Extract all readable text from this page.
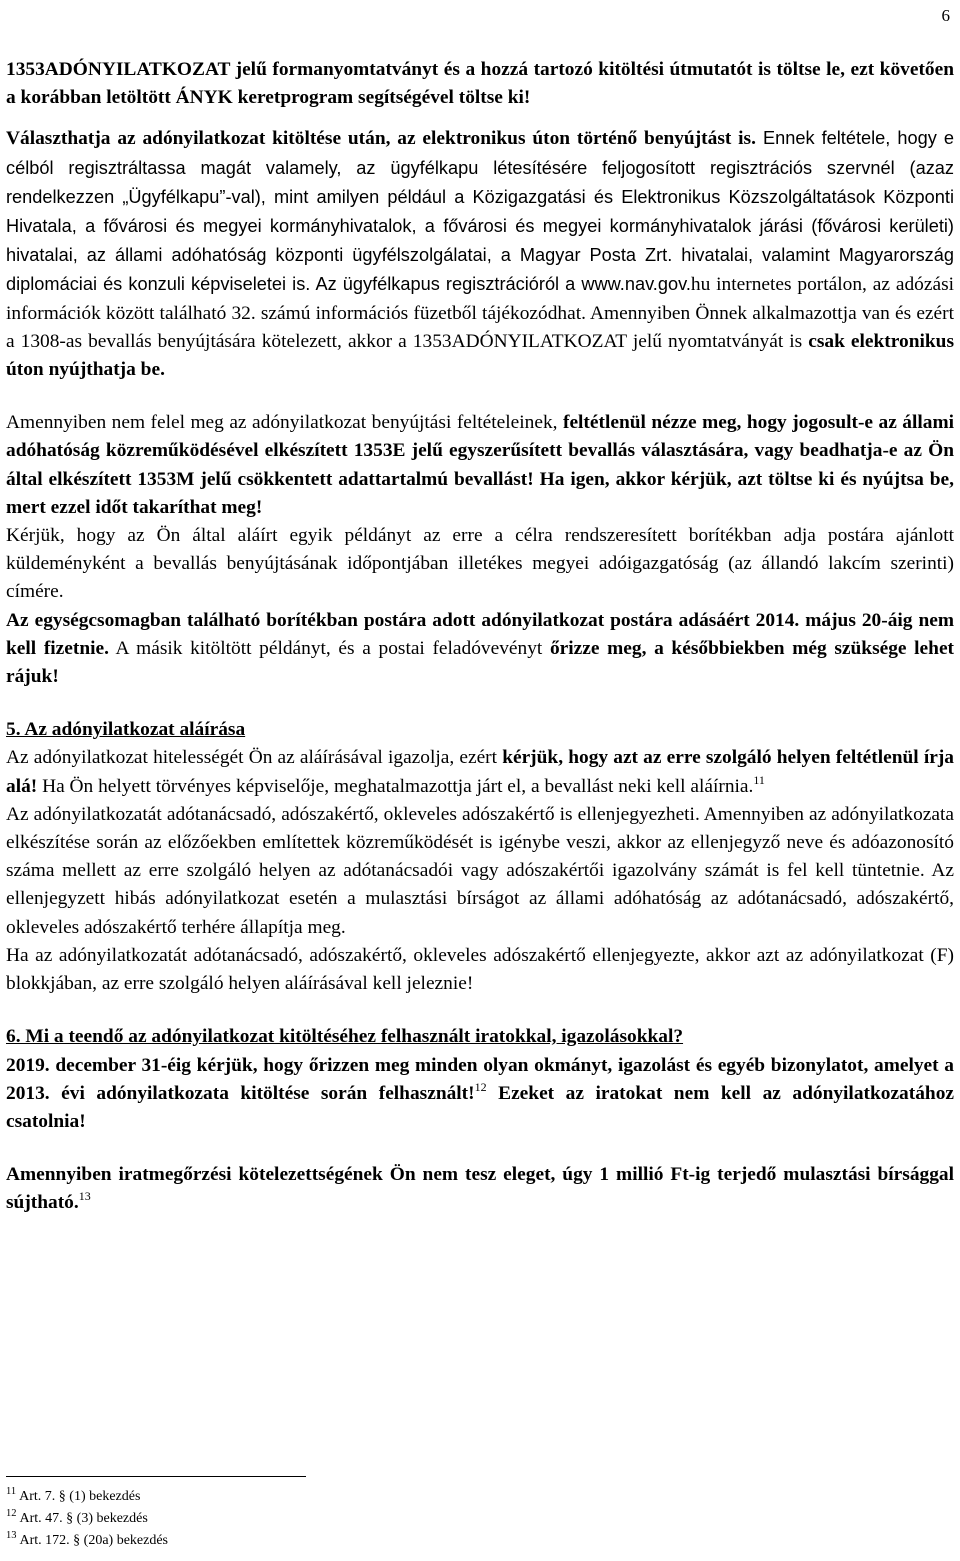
6

1353ADÓNYILATKOZAT jelű formanyomtatványt és a hozzá tartozó kitöltési útmutatót is töltse le, ezt követően a korábban letöltött ÁNYK keretprogram segítségével töltse ki!

Választhatja az adónyilatkozat kitöltése után, az elektronikus úton történő benyújtást is. Ennek feltétele, hogy e célból regisztráltassa magát valamely, az ügyfélkapu létesítésére feljogosított regisztrációs szervnél (azaz rendelkezzen „Ügyfélkapu”-val), mint amilyen például a Közigazgatási és Elektronikus Közszolgáltatások Központi Hivatala, a fővárosi és megyei kormányhivatalok, a fővárosi és megyei kormányhivatalok járási (fővárosi kerületi) hivatalai, az állami adóhatóság központi ügyfélszolgálatai, a Magyar Posta Zrt. hivatalai, valamint Magyarország diplomáciai és konzuli képviseletei is. Az ügyfélkapus regisztrációról a www.nav.gov.hu internetes portálon, az adózási információk között található 32. számú információs füzetből tájékozódhat. Amennyiben Önnek alkalmazottja van és ezért a 1308-as bevallás benyújtására kötelezett, akkor a 1353ADÓNYILATKOZAT jelű nyomtatványát is csak elektronikus úton nyújthatja be.

Amennyiben nem felel meg az adónyilatkozat benyújtási feltételeinek, feltétlenül nézze meg, hogy jogosult-e az állami adóhatóság közreműködésével elkészített 1353E jelű egyszerűsített bevallás választására, vagy beadhatja-e az Ön által elkészített 1353M jelű csökkentett adattartalmú bevallást! Ha igen, akkor kérjük, azt töltse ki és nyújtsa be, mert ezzel időt takaríthat meg!

Kérjük, hogy az Ön által aláírt egyik példányt az erre a célra rendszeresített borítékban adja postára ajánlott küldeményként a bevallás benyújtásának időpontjában illetékes megyei adóigazgatóság (az állandó lakcím szerinti) címére.

Az egységcsomagban található borítékban postára adott adónyilatkozat postára adásáért 2014. május 20-áig nem kell fizetnie. A másik kitöltött példányt, és a postai feladóvevényt őrizze meg, a későbbiekben még szüksége lehet rájuk!

5. Az adónyilatkozat aláírása

Az adónyilatkozat hitelességét Ön az aláírásával igazolja, ezért kérjük, hogy azt az erre szolgáló helyen feltétlenül írja alá! Ha Ön helyett törvényes képviselője, meghatalmazottja járt el, a bevallást neki kell aláírnia.$^{11}$

Az adónyilatkozatát adótanácsadó, adószakértő, okleveles adószakértő is ellenjegyezheti. Amennyiben az adónyilatkozata elkészítése során az előzőekben említettek közreműködését is igénybe veszi, akkor az ellenjegyző neve és adóazonosító száma mellett az erre szolgáló helyen az adótanácsadói vagy adószakértői igazolvány számát is fel kell tüntetnie. Az ellenjegyzett hibás adónyilatkozat esetén a mulasztási bírságot az állami adóhatóság az adótanácsadó, adószakértő, okleveles adószakértő terhére állapítja meg.

Ha az adónyilatkozatát adótanácsadó, adószakértő, okleveles adószakértő ellenjegyezte, akkor azt az adónyilatkozat (F) blokkjában, az erre szolgáló helyen aláírásával kell jeleznie!

6. Mi a teendő az adónyilatkozat kitöltéséhez felhasznált iratokkal, igazolásokkal?

2019. december 31-éig kérjük, hogy őrizzen meg minden olyan okmányt, igazolást és egyéb bizonylatot, amelyet a 2013. évi adónyilatkozata kitöltése során felhasznált!$^{12}$ Ezeket az iratokat nem kell az adónyilatkozatához csatolnia!

Amennyiben iratmegőrzési kötelezettségének Ön nem tesz eleget, úgy 1 millió Ft-ig terjedő mulasztási bírsággal sújtható.$^{13}$

$^{11}$ Art. 7. § (1) bekezdés

$^{12}$ Art. 47. § (3) bekezdés

$^{13}$ Art. 172. § (20a) bekezdés
